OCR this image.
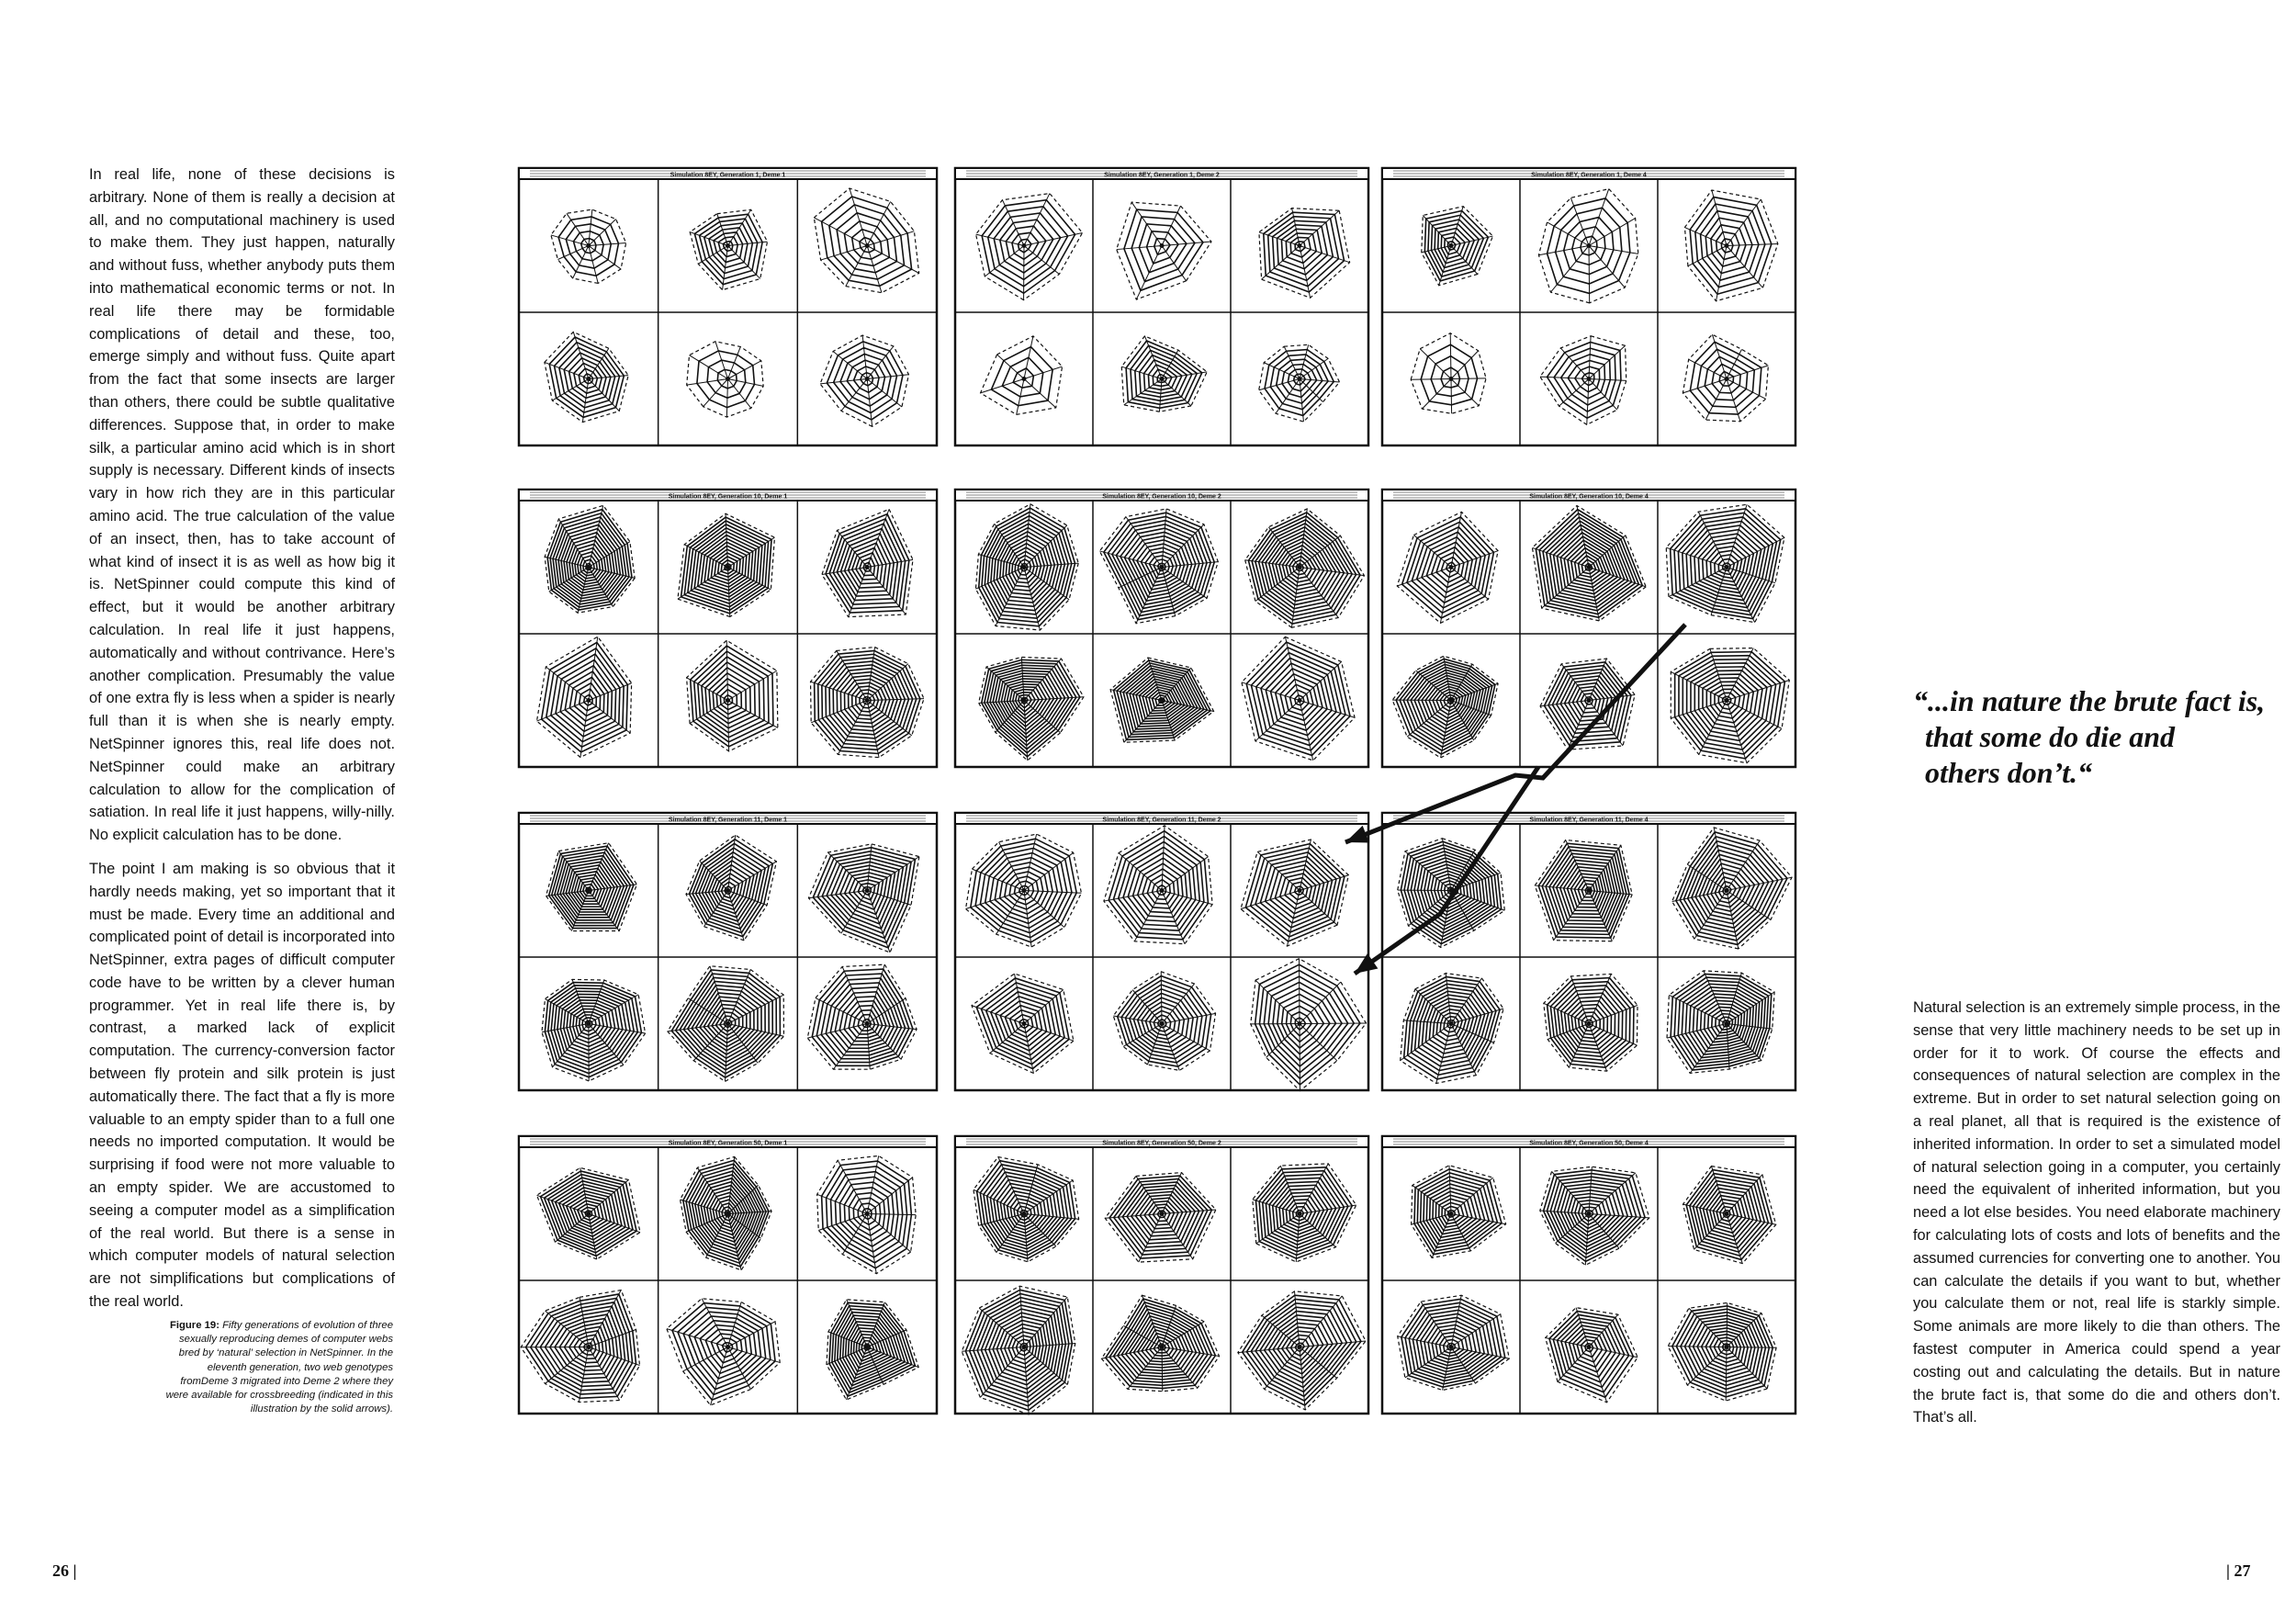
In real life, none of these decisions is arbitrary. None of them is really a decision at all, and no computational machinery is used to make them. They just happen, naturally and without fuss, whether anybody puts them into mathematical economic terms or not. In real life there may be formidable complications of detail and these, too, emerge simply and without fuss. Quite apart from the fact that some insects are larger than others, there could be subtle qualitative differences. Suppose that, in order to make silk, a particular amino acid which is in short supply is necessary. Different kinds of insects vary in how rich they are in this particular amino acid. The true calculation of the value of an insect, then, has to take account of what kind of insect it is as well as how big it is. NetSpinner could compute this kind of effect, but it would be another arbitrary calculation. In real life it just happens, automatically and without contrivance. Here’s another complication. Presumably the value of one extra fly is less when a spider is nearly full than it is when she is nearly empty. NetSpinner ignores this, real life does not. NetSpinner could make an arbitrary calculation to allow for the complication of satiation. In real life it just happens, willy-nilly. No explicit calculation has to be done.

The point I am making is so obvious that it hardly needs making, yet so important that it must be made. Every time an additional and complicated point of detail is incorporated into NetSpinner, extra pages of difficult computer code have to be written by a clever human programmer. Yet in real life there is, by contrast, a marked lack of explicit computation. The currency-conversion factor between fly protein and silk protein is just automatically there. The fact that a fly is more valuable to an empty spider than to a full one needs no imported computation. It would be surprising if food were not more valuable to an empty spider. We are accustomed to seeing a computer model as a simplification of the real world. But there is a sense in which computer models of natural selection are not simplifications but complications of the real world.

Figure 19: Fifty generations of evolution of three sexually reproducing demes of computer webs bred by ‘natural’ selection in NetSpinner. In the eleventh generation, two web genotypes fromDeme 3 migrated into Deme 2 where they were available for crossbreeding (indicated in this illustration by the solid arrows).
“...in nature the brute fact is,
that some do die and
others don’t.“

Natural selection is an extremely simple process, in the sense that very little machinery needs to be set up in order for it to work. Of course the effects and consequences of natural selection are complex in the extreme. But in order to set natural selection going on a real planet, all that is required is the existence of inherited information. In order to set a simulated model of natural selection going in a computer, you certainly need the equivalent of inherited information, but you need a lot else besides. You need elaborate machinery for calculating lots of costs and lots of benefits and the assumed currencies for converting one to another. You can calculate the details if you want to but, whether you calculate them or not, real life is starkly simple. Some animals are more likely to die than others. The fastest computer in America could spend a year costing out and calculating the details. But in nature the brute fact is, that some do die and others don’t. That’s all.

26 |	| 27
Simulation 8EY, Generation 1, Deme 1	Simulation 8EY, Generation 1, Deme 2	Simulation 8EY, Generation 1, Deme 4
Simulation 8EY, Generation 10, Deme 1	Simulation 8EY, Generation 10, Deme 2	Simulation 8EY, Generation 10, Deme 4
Simulation 8EY, Generation 11, Deme 1	Simulation 8EY, Generation 11, Deme 2	Simulation 8EY, Generation 11, Deme 4
Simulation 8EY, Generation 50, Deme 1	Simulation 8EY, Generation 50, Deme 2	Simulation 8EY, Generation 50, Deme 4
